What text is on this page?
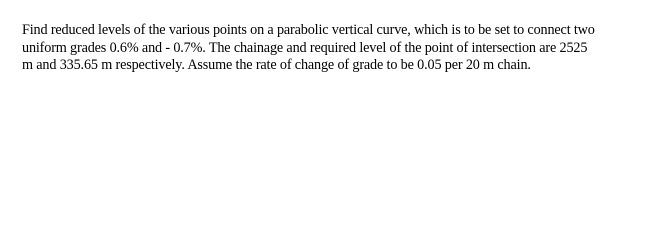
Find reduced levels of the various points on a parabolic vertical curve, which is to be set to connect two
uniform grades 0.6% and - 0.7%. The chainage and required level of the point of intersection are 2525
m and 335.65 m respectively. Assume the rate of change of grade to be 0.05 per 20 m chain.
